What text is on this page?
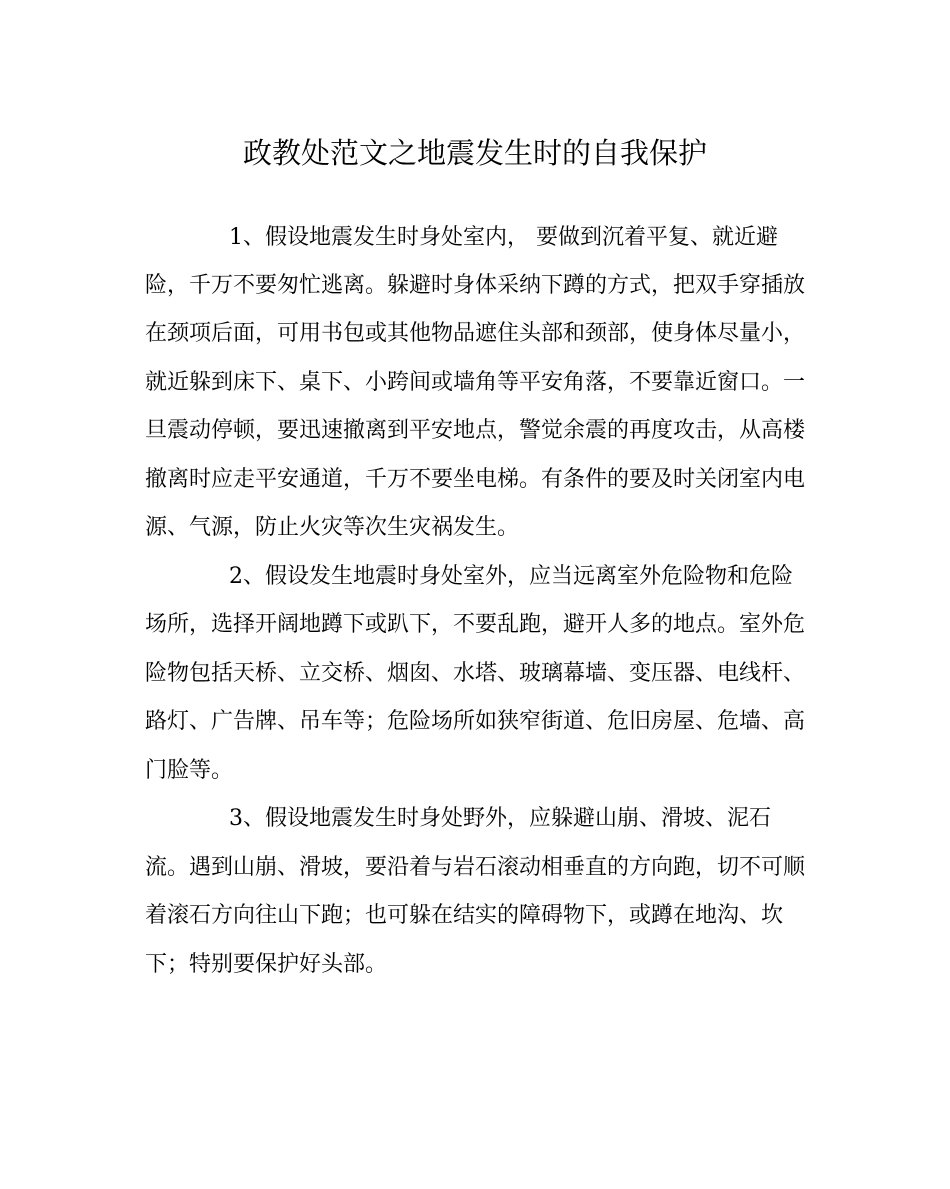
政教处范文之地震发生时的自我保护
1、假设地震发生时身处室内， 要做到沉着平复、就近避
险，千万不要匆忙逃离。躲避时身体采纳下蹲的方式，把双手穿插放
在颈项后面，可用书包或其他物品遮住头部和颈部，使身体尽量小，
就近躲到床下、桌下、小跨间或墙角等平安角落，不要靠近窗口。一
旦震动停顿，要迅速撤离到平安地点，警觉余震的再度攻击，从高楼
撤离时应走平安通道，千万不要坐电梯。有条件的要及时关闭室内电
源、气源，防止火灾等次生灾祸发生。
2、假设发生地震时身处室外，应当远离室外危险物和危险
场所，选择开阔地蹲下或趴下，不要乱跑，避开人多的地点。室外危
险物包括天桥、立交桥、烟囱、水塔、玻璃幕墙、变压器、电线杆、
路灯、广告牌、吊车等；危险场所如狭窄街道、危旧房屋、危墙、高
门脸等。
3、假设地震发生时身处野外，应躲避山崩、滑坡、泥石
流。遇到山崩、滑坡，要沿着与岩石滚动相垂直的方向跑，切不可顺
着滚石方向往山下跑；也可躲在结实的障碍物下，或蹲在地沟、坎
下；特别要保护好头部。
